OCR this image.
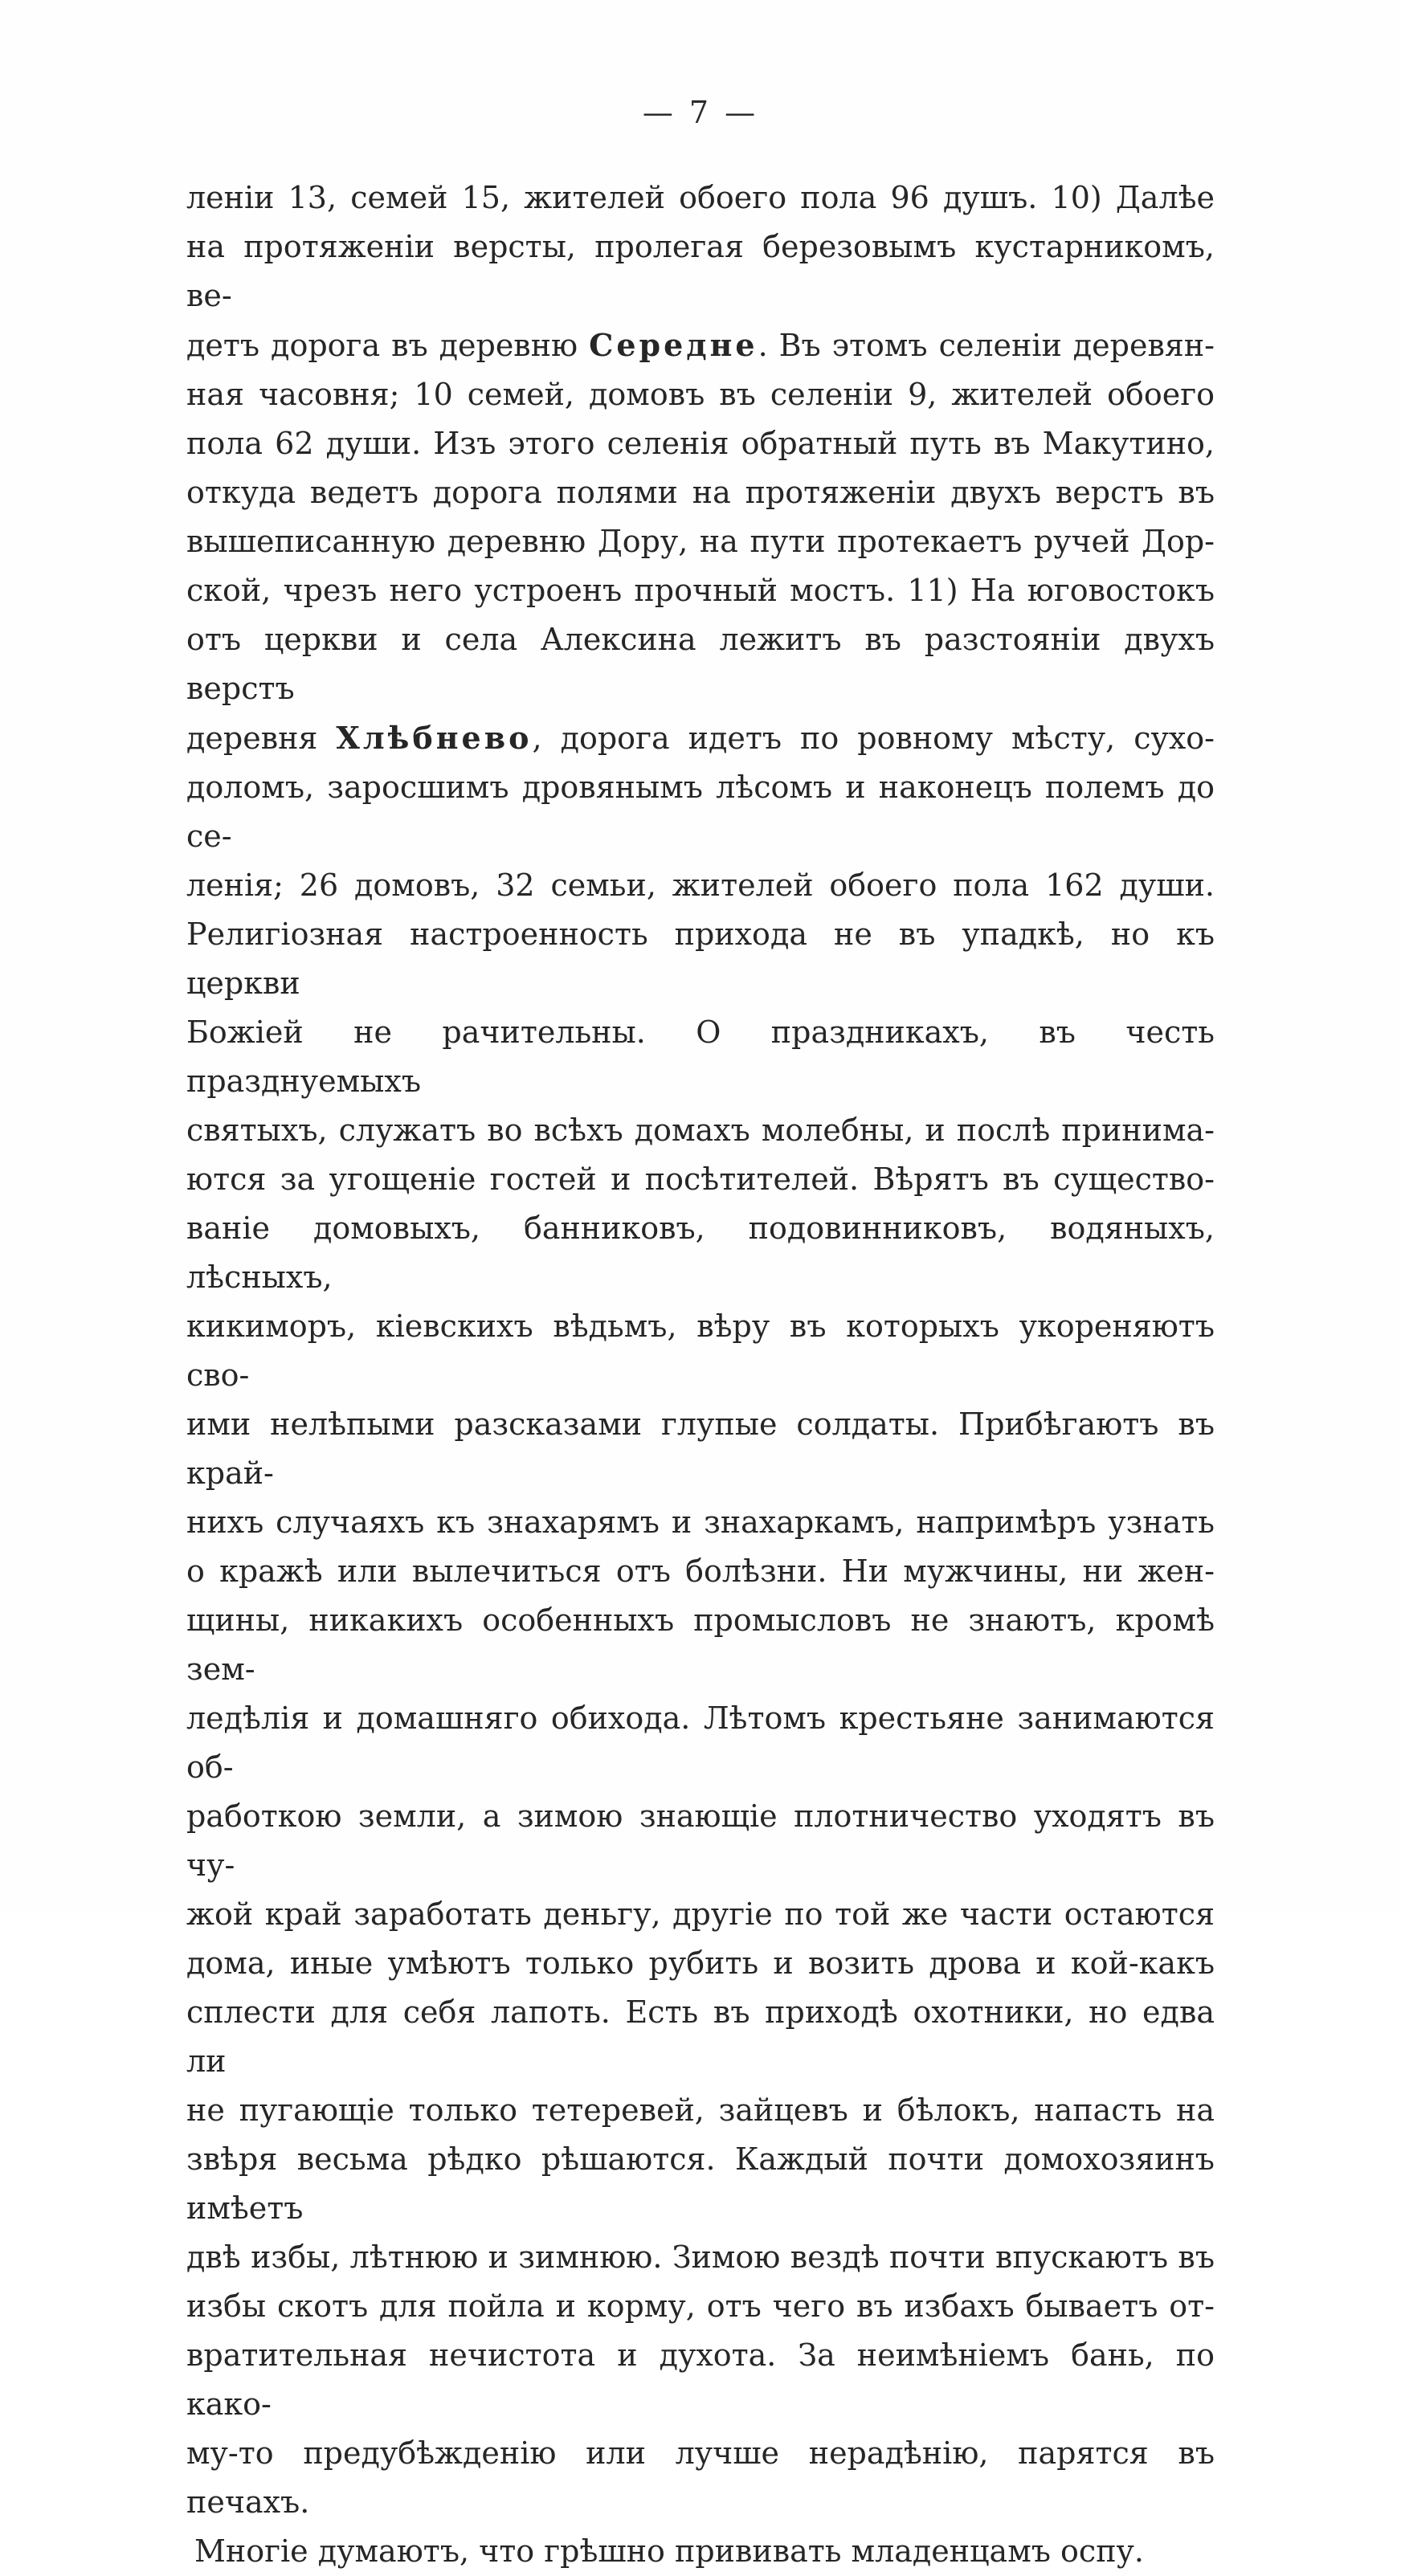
— 7 —
леніи 13, семей 15, жителей обоего пола 96 душъ. 10) Далѣе
на протяженіи версты, пролегая березовымъ кустарникомъ, ве-
детъ дорога въ деревню Середне. Въ этомъ селеніи деревян-
ная часовня; 10 семей, домовъ въ селеніи 9, жителей обоего
пола 62 души. Изъ этого селенія обратный путь въ Макутино,
откуда ведетъ дорога полями на протяженіи двухъ верстъ въ
вышеписанную деревню Дору, на пути протекаетъ ручей Дор-
ской, чрезъ него устроенъ прочный мостъ. 11) На юговостокъ
отъ церкви и села Алексина лежитъ въ разстояніи двухъ верстъ
деревня Хлѣбнево, дорога идетъ по ровному мѣсту, сухо-
доломъ, заросшимъ дровянымъ лѣсомъ и наконецъ полемъ до се-
ленія; 26 домовъ, 32 семьи, жителей обоего пола 162 души.
Религіозная настроенность прихода не въ упадкѣ, но къ церкви
Божіей не рачительны. О праздникахъ, въ честь празднуемыхъ
святыхъ, служатъ во всѣхъ домахъ молебны, и послѣ принима-
ются за угощеніе гостей и посѣтителей. Вѣрятъ въ существо-
ваніе домовыхъ, банниковъ, подовинниковъ, водяныхъ, лѣсныхъ,
кикиморъ, кіевскихъ вѣдьмъ, вѣру въ которыхъ укореняютъ сво-
ими нелѣпыми разсказами глупые солдаты. Прибѣгаютъ въ край-
нихъ случаяхъ къ знахарямъ и знахаркамъ, напримѣръ узнать
о кражѣ или вылечиться отъ болѣзни. Ни мужчины, ни жен-
щины, никакихъ особенныхъ промысловъ не знаютъ, кромѣ зем-
ледѣлія и домашняго обихода. Лѣтомъ крестьяне занимаются об-
работкою земли, а зимою знающіе плотничество уходятъ въ чу-
жой край заработать деньгу, другіе по той же части остаются
дома, иные умѣютъ только рубить и возить дрова и кой-какъ
сплести для себя лапоть. Есть въ приходѣ охотники, но едва ли
не пугающіе только тетеревей, зайцевъ и бѣлокъ, напасть на
звѣря весьма рѣдко рѣшаются. Каждый почти домохозяинъ имѣетъ
двѣ избы, лѣтнюю и зимнюю. Зимою вездѣ почти впускаютъ въ
избы скотъ для пойла и корму, отъ чего въ избахъ бываетъ от-
вратительная нечистота и духота. За неимѣніемъ бань, по како-
му-то предубѣжденію или лучше нерадѣнію, парятся въ печахъ.
Многіе думаютъ, что грѣшно прививать младенцамъ оспу.
